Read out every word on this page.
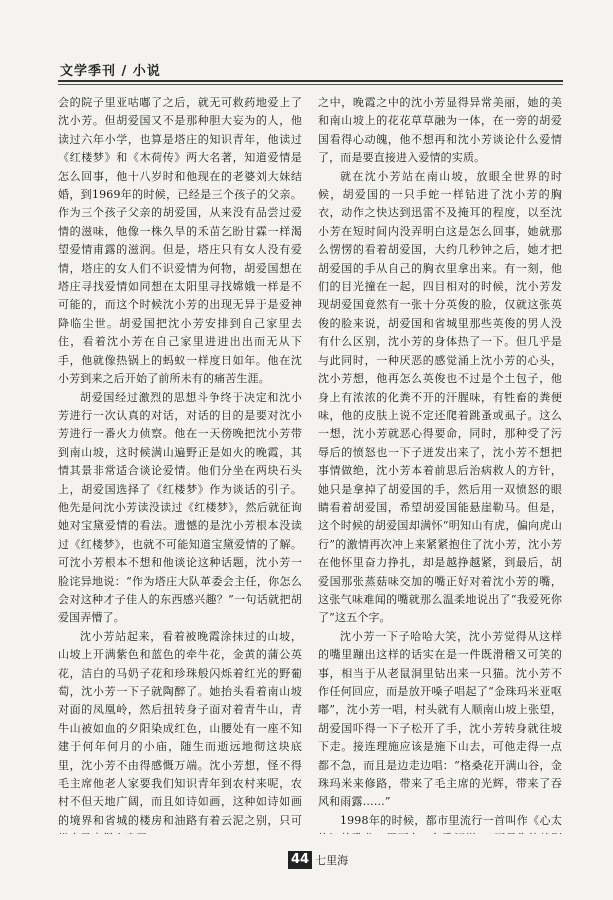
文学季刊 / 小说

会的院子里亚咕嘟了之后，就无可救药地爱上了沈小芳。但胡爱国又不是那种胆大妄为的人，他读过六年小学，也算是塔庄的知识青年，他读过《红楼梦》和《木荷传》两大名著，知道爱情是怎么回事，他十八岁时和他现在的老婆刘大妹结婚，到1969年的时候，已经是三个孩子的父亲。作为三个孩子父亲的胡爱国，从来没有品尝过爱情的滋味，他像一株久旱的禾苗乞盼甘霖一样渴望爱情甫露的滋润。但是，塔庄只有女人没有爱情，塔庄的女人们不识爱情为何物，胡爱国想在塔庄寻找爱情如同想在太阳里寻找嫦娥一样是不可能的，而这个时候沈小芳的出现无异于是爱神降临尘世。胡爱国把沈小芳安排到自己家里去住，看着沈小芳在自己家里进进出出而无从下手，他就像热锅上的蚂蚁一样度日如年。他在沈小芳到来之后开始了前所未有的痛苦生涯。

胡爱国经过激烈的思想斗争终于决定和沈小芳进行一次认真的对话，对话的目的是要对沈小芳进行一番火力侦察。他在一天傍晚把沈小芳带到南山坡，这时候满山遍野正是如火的晚霞，其情其景非常适合谈论爱情。他们分坐在两块石头上，胡爱国选择了《红楼梦》作为谈话的引子。他先是问沈小芳读没读过《红楼梦》，然后就征询她对宝黛爱情的看法。遗憾的是沈小芳根本没读过《红楼梦》，也就不可能知道宝黛爱情的了解。可沈小芳根本不想和他谈论这种话题，沈小芳一脸诧异地说：“作为塔庄大队革委会主任，你怎么会对这种才子佳人的东西感兴趣？”一句话就把胡爱国弄懵了。

沈小芳站起来，看着被晚霞涂抹过的山坡，山坡上开满紫色和蓝色的牵牛花，金黄的蒲公英花，洁白的马奶子花和珍珠般闪烁着红光的野葡萄，沈小芳一下子就陶醉了。她抬头看着南山坡对面的凤凰岭，然后扭转身子面对着青牛山，青牛山被如血的夕阳染成红色，山腰处有一座不知建于何年何月的小庙，随生而逝远地彻这块底里，沈小芳不由得感慨万端。沈小芳想，怪不得毛主席他老人家要我们知识青年到农村来呢，农村不但天地广阔，而且如诗如画，这种如诗如画的境界和省城的楼房和油路有着云泥之别，只可

之中，晚霞之中的沈小芳显得异常美丽，她的美和南山坡上的花花草草融为一体，在一旁的胡爱国看得心动魄，他不想再和沈小芳谈论什么爱情了，而是要直接进入爱情的实质。

就在沈小芳站在南山坡，放眼全世界的时候，胡爱国的一只手蛇一样钻进了沈小芳的胸衣，动作之快达到迅雷不及掩耳的程度，以至沈小芳在短时间内没弄明白这是怎么回事，她就那么愣愣的看着胡爱国，大约几秒钟之后，她才把胡爱国的手从自己的胸衣里拿出来。有一刻，他们的目光撞在一起，四目相对的时候，沈小芳发现胡爱国竟然有一张十分英俊的脸，仅就这张英俊的脸来说，胡爱国和省城里那些英俊的男人没有什么区别，沈小芳的身体热了一下。但几乎是与此同时，一种厌恶的感觉涌上沈小芳的心头，沈小芳想，他再怎么英俊也不过是个土包子，他身上有浓浓的化粪不开的汗腥味，有牲畜的粪便味，他的皮肤上说不定还爬着跳蚤或虱子。这么一想，沈小芳就恶心得要命，同时，那种受了污辱后的愤怒也一下子迸发出来了，沈小芳不想把事情做绝，沈小芳本着前思后治病救人的方针，她只是拿掉了胡爱国的手，然后用一双愤怒的眼睛看着胡爱国，希望胡爱国能悬崖勒马。但是，这个时候的胡爱国却满怀“明知山有虎，偏向虎山行”的激情再次冲上来紧紧抱住了沈小芳，沈小芳在他怀里奋力挣扎，却是越挣越紧，到最后，胡爱国那张蒸菇味交加的嘴正好对着沈小芳的嘴，这张气味难闻的嘴就那么温柔地说出了“我爱死你了”这五个字。

沈小芳一下子哈哈大笑，沈小芳觉得从这样的嘴里蹦出这样的话实在是一件既滑稽又可笑的事，相当于从老鼠洞里钻出来一只猫。沈小芳不作任何回应，而是放开嗓子唱起了“金珠玛米亚呕嘟”，沈小芳一唱，村头就有人顺南山坡上张望，胡爱国吓得一下子松开了手，沈小芳转身就往坡下走。接连理施应该是施下山去，可他走得一点都不急，而且是边走边唱：“格桑花开满山谷，金珠玛米来修路，带来了毛主席的光辉，带来了吞风和雨露……”

1998年的时候，都市里流行一首叫作《心太

44 七里海
